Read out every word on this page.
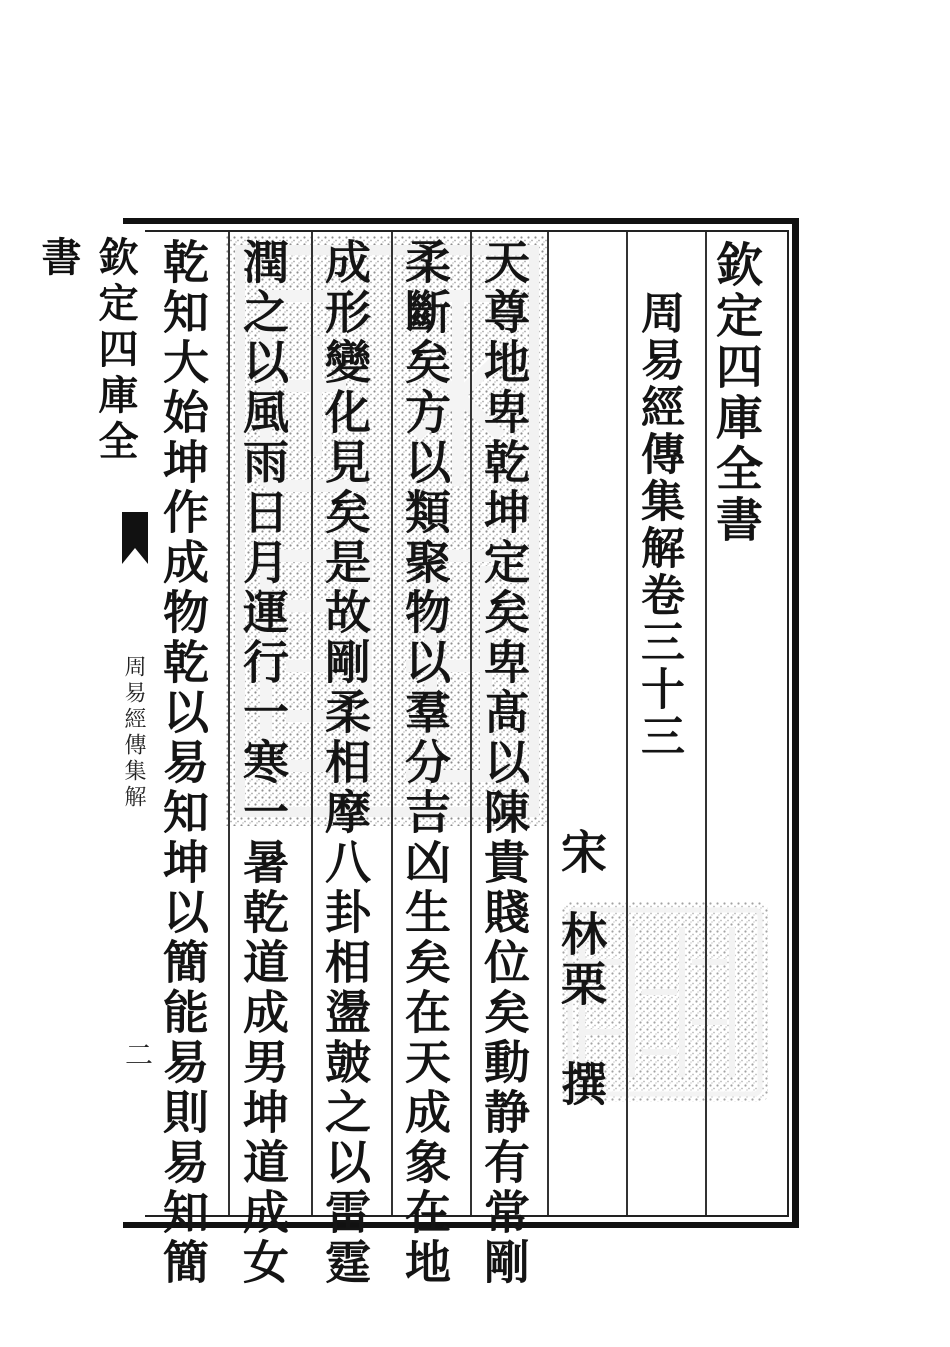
欽定四庫全書
周易經傳集解
二
欽定四庫全書
周易經傳集解卷三十三
宋
林栗　撰
天尊地卑乾坤定矣卑髙以陳貴賤位矣動静有常剛
柔斷矣方以類聚物以羣分吉凶生矣在天成象在地
成形變化見矣是故剛柔相摩八卦相盪皷之以雷霆
潤之以風雨日月運行一寒一暑乾道成男坤道成女
乾知大始坤作成物乾以易知坤以簡能易則易知簡
